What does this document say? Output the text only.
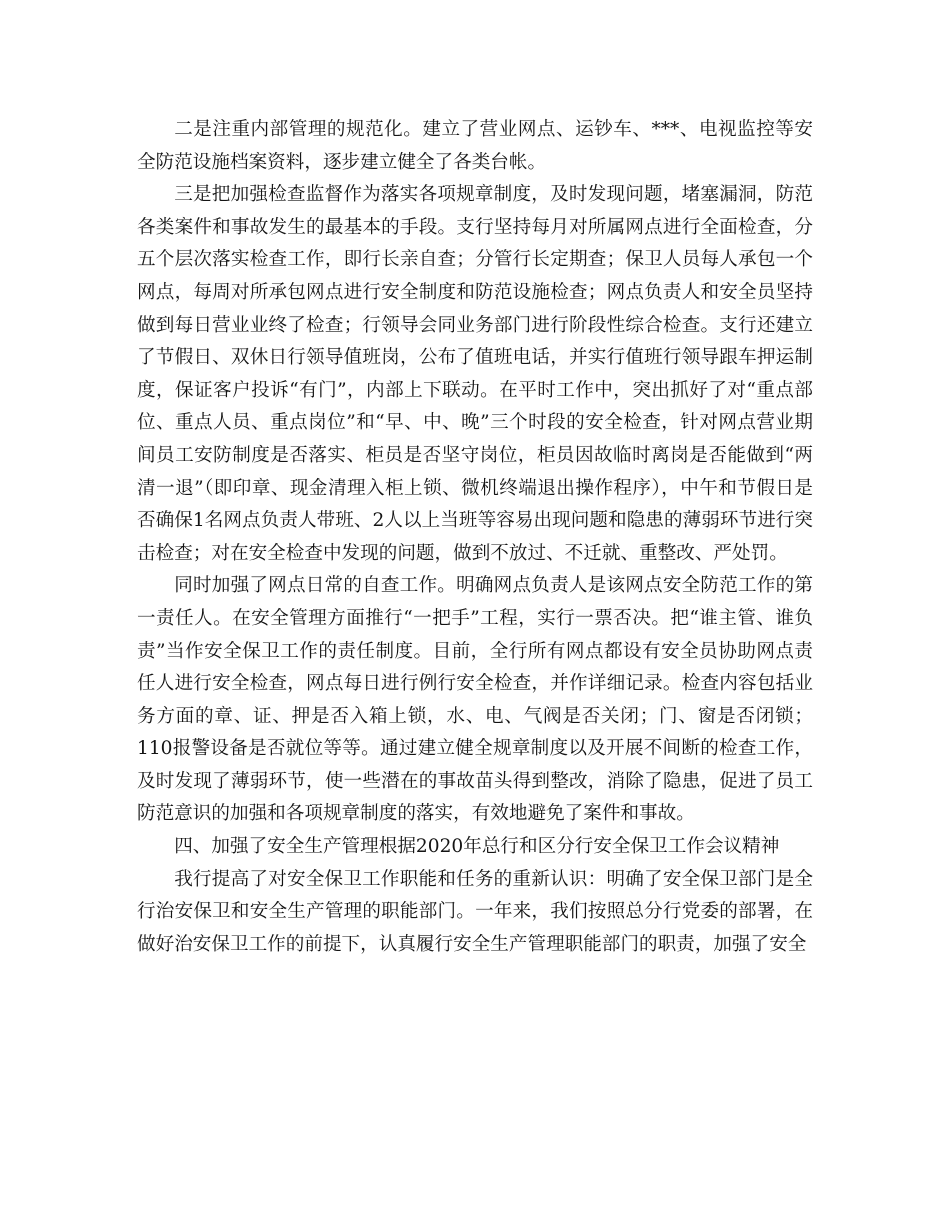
二是注重内部管理的规范化。建立了营业网点、运钞车、***、电视监控等安全防范设施档案资料，逐步建立健全了各类台帐。

三是把加强检查监督作为落实各项规章制度，及时发现问题，堵塞漏洞，防范各类案件和事故发生的最基本的手段。支行坚持每月对所属网点进行全面检查，分五个层次落实检查工作，即行长亲自查；分管行长定期查；保卫人员每人承包一个网点，每周对所承包网点进行安全制度和防范设施检查；网点负责人和安全员坚持做到每日营业业终了检查；行领导会同业务部门进行阶段性综合检查。支行还建立了节假日、双休日行领导值班岗，公布了值班电话，并实行值班行领导跟车押运制度，保证客户投诉“有门”，内部上下联动。在平时工作中，突出抓好了对“重点部位、重点人员、重点岗位”和“早、中、晚”三个时段的安全检查，针对网点营业期间员工安防制度是否落实、柜员是否坚守岗位，柜员因故临时离岗是否能做到“两清一退”（即印章、现金清理入柜上锁、微机终端退出操作程序），中午和节假日是否确保1名网点负责人带班、2人以上当班等容易出现问题和隐患的薄弱环节进行突击检查；对在安全检查中发现的问题，做到不放过、不迁就、重整改、严处罚。

同时加强了网点日常的自查工作。明确网点负责人是该网点安全防范工作的第一责任人。在安全管理方面推行“一把手”工程，实行一票否决。把“谁主管、谁负责”当作安全保卫工作的责任制度。目前，全行所有网点都设有安全员协助网点责任人进行安全检查，网点每日进行例行安全检查，并作详细记录。检查内容包括业务方面的章、证、押是否入箱上锁，水、电、气阀是否关闭；门、窗是否闭锁；110报警设备是否就位等等。通过建立健全规章制度以及开展不间断的检查工作，及时发现了薄弱环节，使一些潜在的事故苗头得到整改，消除了隐患，促进了员工防范意识的加强和各项规章制度的落实，有效地避免了案件和事故。

四、加强了安全生产管理根据2020年总行和区分行安全保卫工作会议精神

我行提高了对安全保卫工作职能和任务的重新认识：明确了安全保卫部门是全行治安保卫和安全生产管理的职能部门。一年来，我们按照总分行党委的部署，在做好治安保卫工作的前提下，认真履行安全生产管理职能部门的职责，加强了安全
